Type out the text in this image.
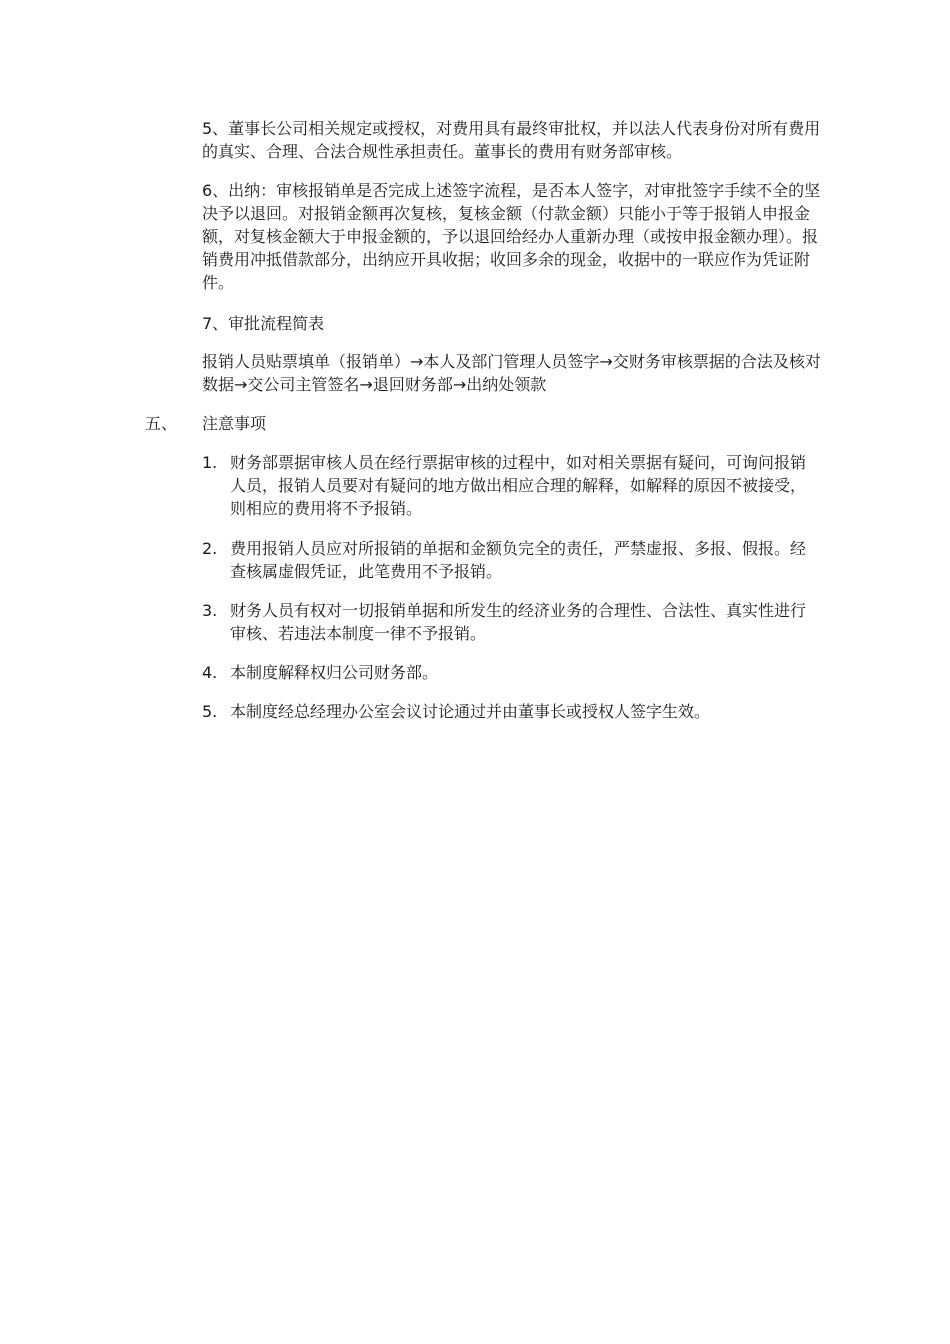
5、董事长公司相关规定或授权，对费用具有最终审批权，并以法人代表身份对所有费用的真实、合理、合法合规性承担责任。董事长的费用有财务部审核。

6、出纳：审核报销单是否完成上述签字流程，是否本人签字，对审批签字手续不全的坚决予以退回。对报销金额再次复核，复核金额（付款金额）只能小于等于报销人申报金额，对复核金额大于申报金额的，予以退回给经办人重新办理（或按申报金额办理）。报销费用冲抵借款部分，出纳应开具收据；收回多余的现金，收据中的一联应作为凭证附件。

7、审批流程简表

报销人员贴票填单（报销单）→本人及部门管理人员签字→交财务审核票据的合法及核对数据→交公司主管签名→退回财务部→出纳处领款

五、	注意事项
1. 财务部票据审核人员在经行票据审核的过程中，如对相关票据有疑问，可询问报销人员，报销人员要对有疑问的地方做出相应合理的解释，如解释的原因不被接受，则相应的费用将不予报销。
2. 费用报销人员应对所报销的单据和金额负完全的责任，严禁虚报、多报、假报。经查核属虚假凭证，此笔费用不予报销。
3. 财务人员有权对一切报销单据和所发生的经济业务的合理性、合法性、真实性进行审核、若违法本制度一律不予报销。
4. 本制度解释权归公司财务部。
5. 本制度经总经理办公室会议讨论通过并由董事长或授权人签字生效。
